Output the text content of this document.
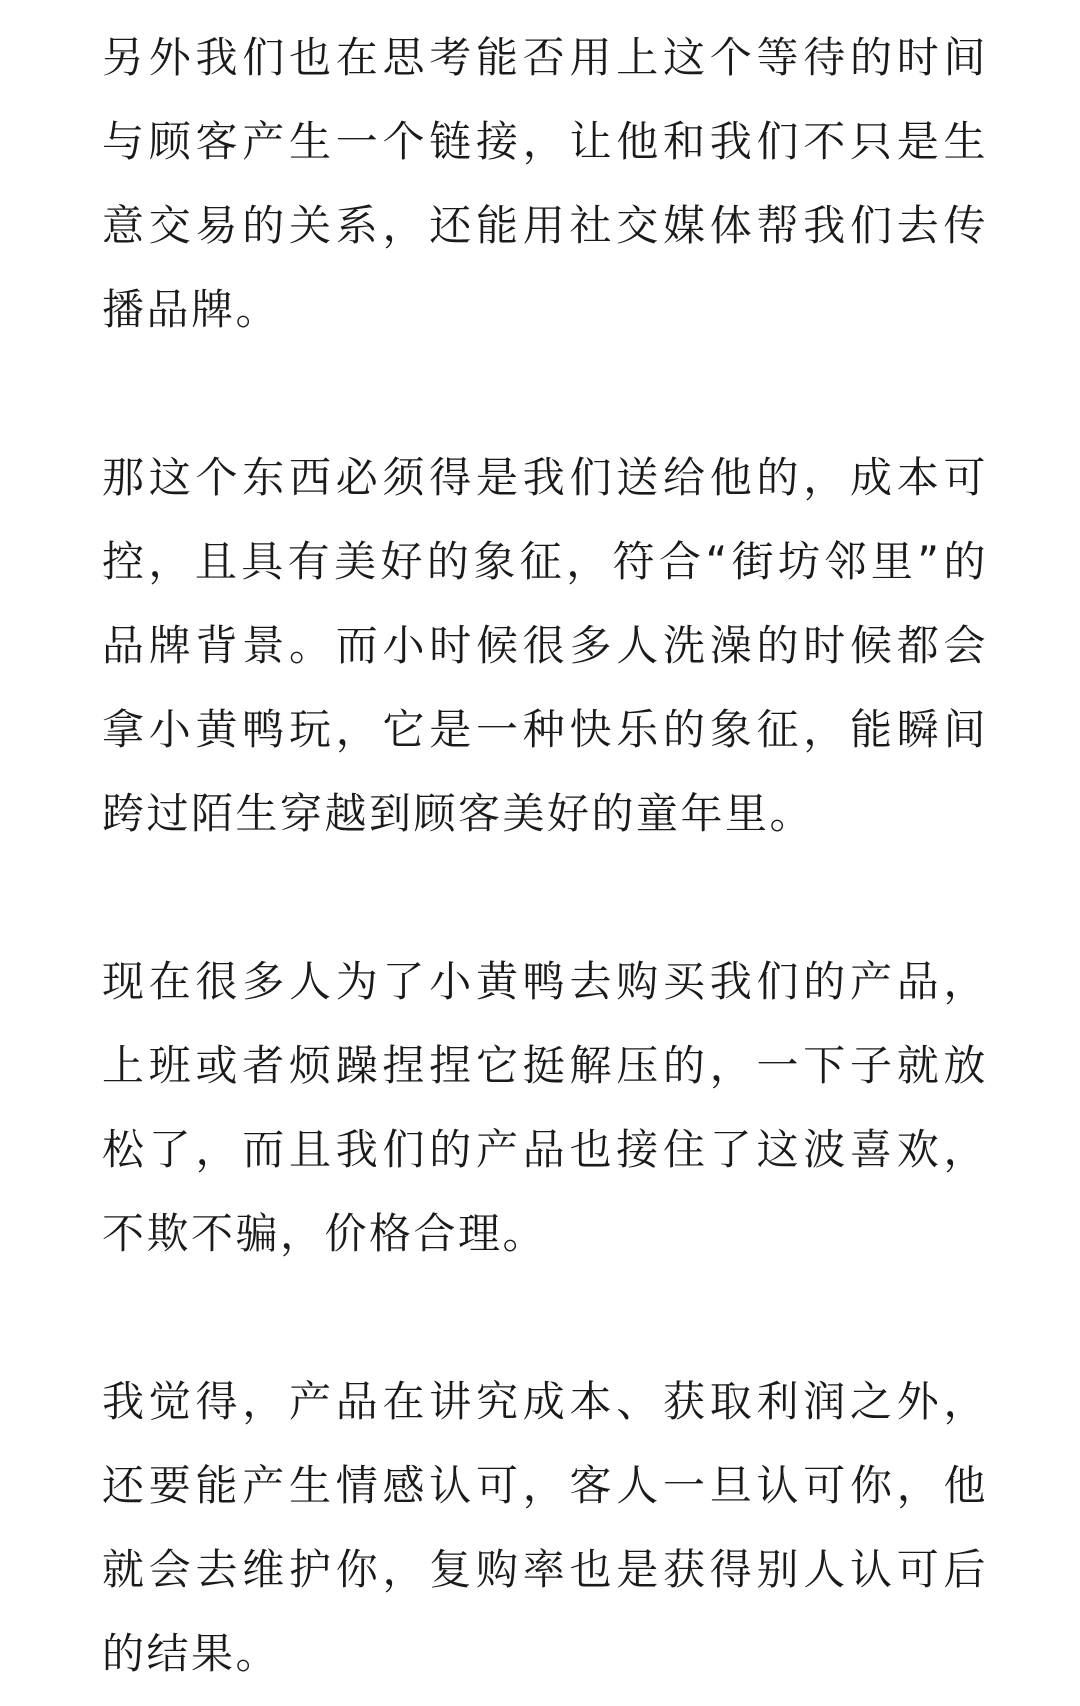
另外我们也在思考能否用上这个等待的时间与顾客产生一个链接，让他和我们不只是生意交易的关系，还能用社交媒体帮我们去传播品牌。

那这个东西必须得是我们送给他的，成本可控，且具有美好的象征，符合“街坊邻里”的品牌背景。而小时候很多人洗澡的时候都会拿小黄鸭玩，它是一种快乐的象征，能瞬间跨过陌生穿越到顾客美好的童年里。

现在很多人为了小黄鸭去购买我们的产品，上班或者烦躁捏捏它挺解压的，一下子就放松了，而且我们的产品也接住了这波喜欢，不欺不骗，价格合理。

我觉得，产品在讲究成本、获取利润之外，还要能产生情感认可，客人一旦认可你，他就会去维护你，复购率也是获得别人认可后的结果。
